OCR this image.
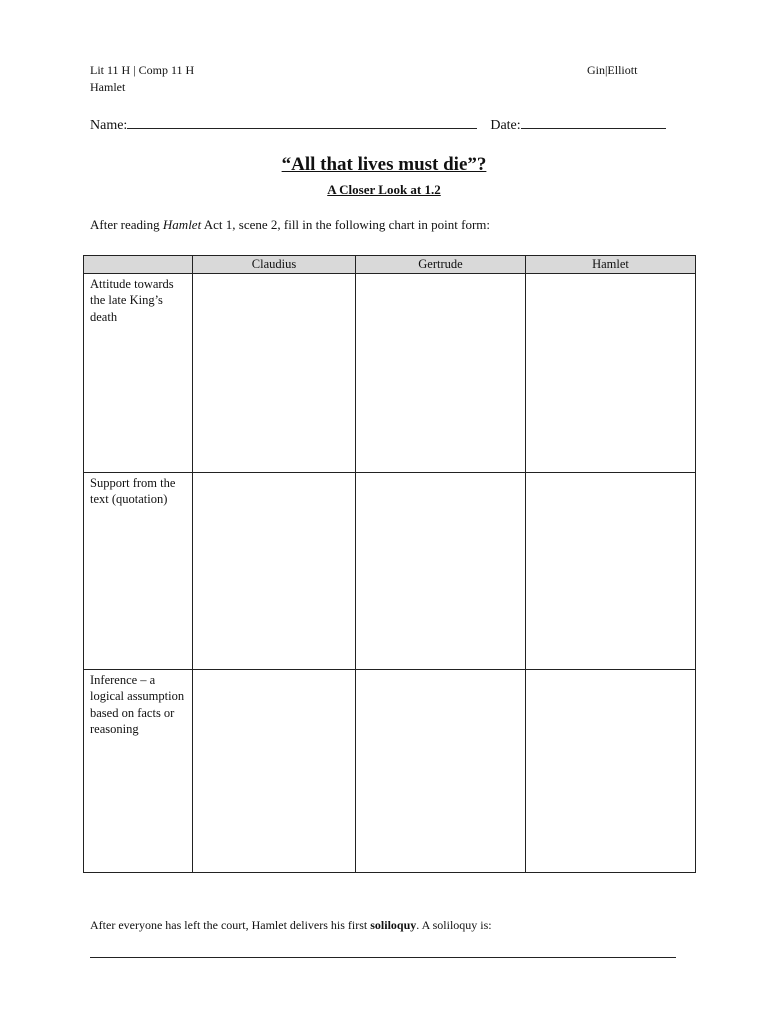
Lit 11 H | Comp 11 H
Hamlet
Gin|Elliott
Name:	Date:
“All that lives must die”?
A Closer Look at 1.2
After reading Hamlet Act 1, scene 2, fill in the following chart in point form:
	Claudius	Gertrude	Hamlet
Attitude towards the late King’s death			
Support from the text (quotation)			
Inference – a logical assumption based on facts or reasoning			
After everyone has left the court, Hamlet delivers his first soliloquy. A soliloquy is:
